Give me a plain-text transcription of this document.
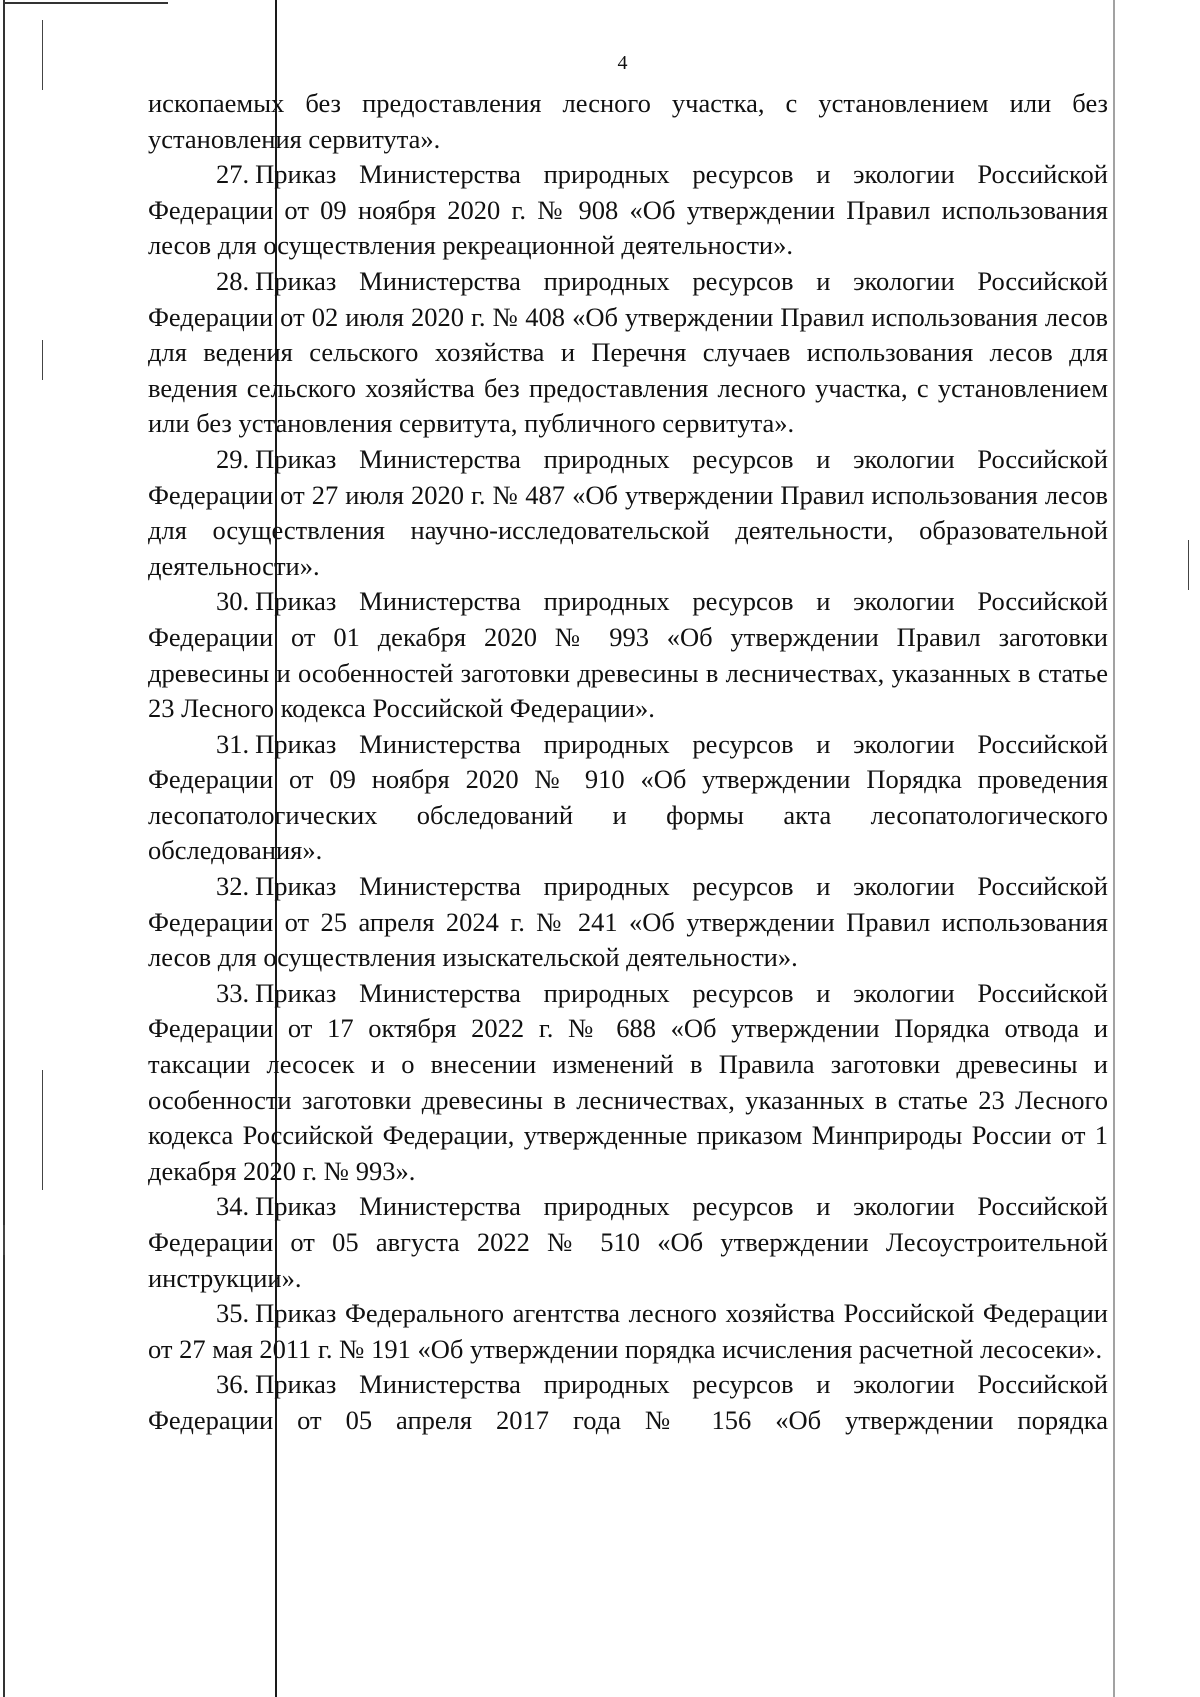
4

ископаемых без предоставления лесного участка, с установлением или без установления сервитута».

27. Приказ Министерства природных ресурсов и экологии Российской Федерации от 09 ноября 2020 г. № 908 «Об утверждении Правил использования лесов для осуществления рекреационной деятельности».

28. Приказ Министерства природных ресурсов и экологии Российской Федерации от 02 июля 2020 г. № 408 «Об утверждении Правил использования лесов для ведения сельского хозяйства и Перечня случаев использования лесов для ведения сельского хозяйства без предоставления лесного участка, с установлением или без установления сервитута, публичного сервитута».

29. Приказ Министерства природных ресурсов и экологии Российской Федерации от 27 июля 2020 г. № 487 «Об утверждении Правил использования лесов для осуществления научно-исследовательской деятельности, образовательной деятельности».

30. Приказ Министерства природных ресурсов и экологии Российской Федерации от 01 декабря 2020 № 993 «Об утверждении Правил заготовки древесины и особенностей заготовки древесины в лесничествах, указанных в статье 23 Лесного кодекса Российской Федерации».

31. Приказ Министерства природных ресурсов и экологии Российской Федерации от 09 ноября 2020 № 910 «Об утверждении Порядка проведения лесопатологических обследований и формы акта лесопатологического обследования».

32. Приказ Министерства природных ресурсов и экологии Российской Федерации от 25 апреля 2024 г. № 241 «Об утверждении Правил использования лесов для осуществления изыскательской деятельности».

33. Приказ Министерства природных ресурсов и экологии Российской Федерации от 17 октября 2022 г. № 688 «Об утверждении Порядка отвода и таксации лесосек и о внесении изменений в Правила заготовки древесины и особенности заготовки древесины в лесничествах, указанных в статье 23 Лесного кодекса Российской Федерации, утвержденные приказом Минприроды России от 1 декабря 2020 г. № 993».

34. Приказ Министерства природных ресурсов и экологии Российской Федерации от 05 августа 2022 № 510 «Об утверждении Лесоустроительной инструкции».

35. Приказ Федерального агентства лесного хозяйства Российской Федерации от 27 мая 2011 г. № 191 «Об утверждении порядка исчисления расчетной лесосеки».

36. Приказ Министерства природных ресурсов и экологии Российской Федерации от 05 апреля 2017 года № 156 «Об утверждении порядка
